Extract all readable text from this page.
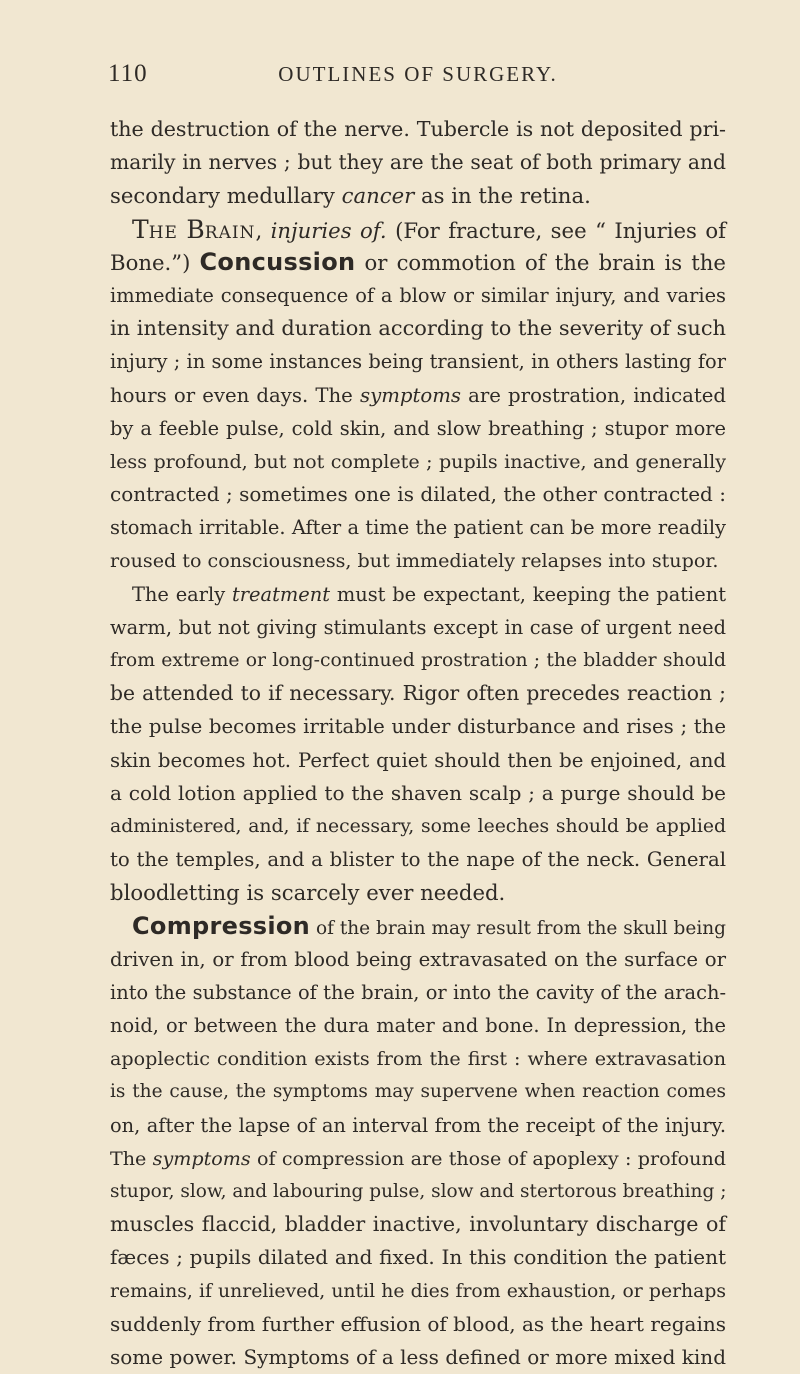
110	OUTLINES OF SURGERY.
the destruction of the nerve. Tubercle is not deposited pri-
marily in nerves ; but they are the seat of both primary and
secondary medullary cancer as in the retina.
THE BRAIN, injuries of. (For fracture, see “ Injuries of
Bone.”) Concussion or commotion of the brain is the
immediate consequence of a blow or similar injury, and varies
in intensity and duration according to the severity of such
injury ; in some instances being transient, in others lasting for
hours or even days. The symptoms are prostration, indicated
by a feeble pulse, cold skin, and slow breathing ; stupor more
less profound, but not complete ; pupils inactive, and generally
contracted ; sometimes one is dilated, the other contracted :
stomach irritable. After a time the patient can be more readily
roused to consciousness, but immediately relapses into stupor.
The early treatment must be expectant, keeping the patient
warm, but not giving stimulants except in case of urgent need
from extreme or long-continued prostration ; the bladder should
be attended to if necessary. Rigor often precedes reaction ;
the pulse becomes irritable under disturbance and rises ; the
skin becomes hot. Perfect quiet should then be enjoined, and
a cold lotion applied to the shaven scalp ; a purge should be
administered, and, if necessary, some leeches should be applied
to the temples, and a blister to the nape of the neck. General
bloodletting is scarcely ever needed.
Compression of the brain may result from the skull being
driven in, or from blood being extravasated on the surface or
into the substance of the brain, or into the cavity of the arach-
noid, or between the dura mater and bone. In depression, the
apoplectic condition exists from the first : where extravasation
is the cause, the symptoms may supervene when reaction comes
on, after the lapse of an interval from the receipt of the injury.
The symptoms of compression are those of apoplexy : profound
stupor, slow, and labouring pulse, slow and stertorous breathing ;
muscles flaccid, bladder inactive, involuntary discharge of
fæces ; pupils dilated and fixed. In this condition the patient
remains, if unrelieved, until he dies from exhaustion, or perhaps
suddenly from further effusion of blood, as the heart regains
some power. Symptoms of a less defined or more mixed kind
